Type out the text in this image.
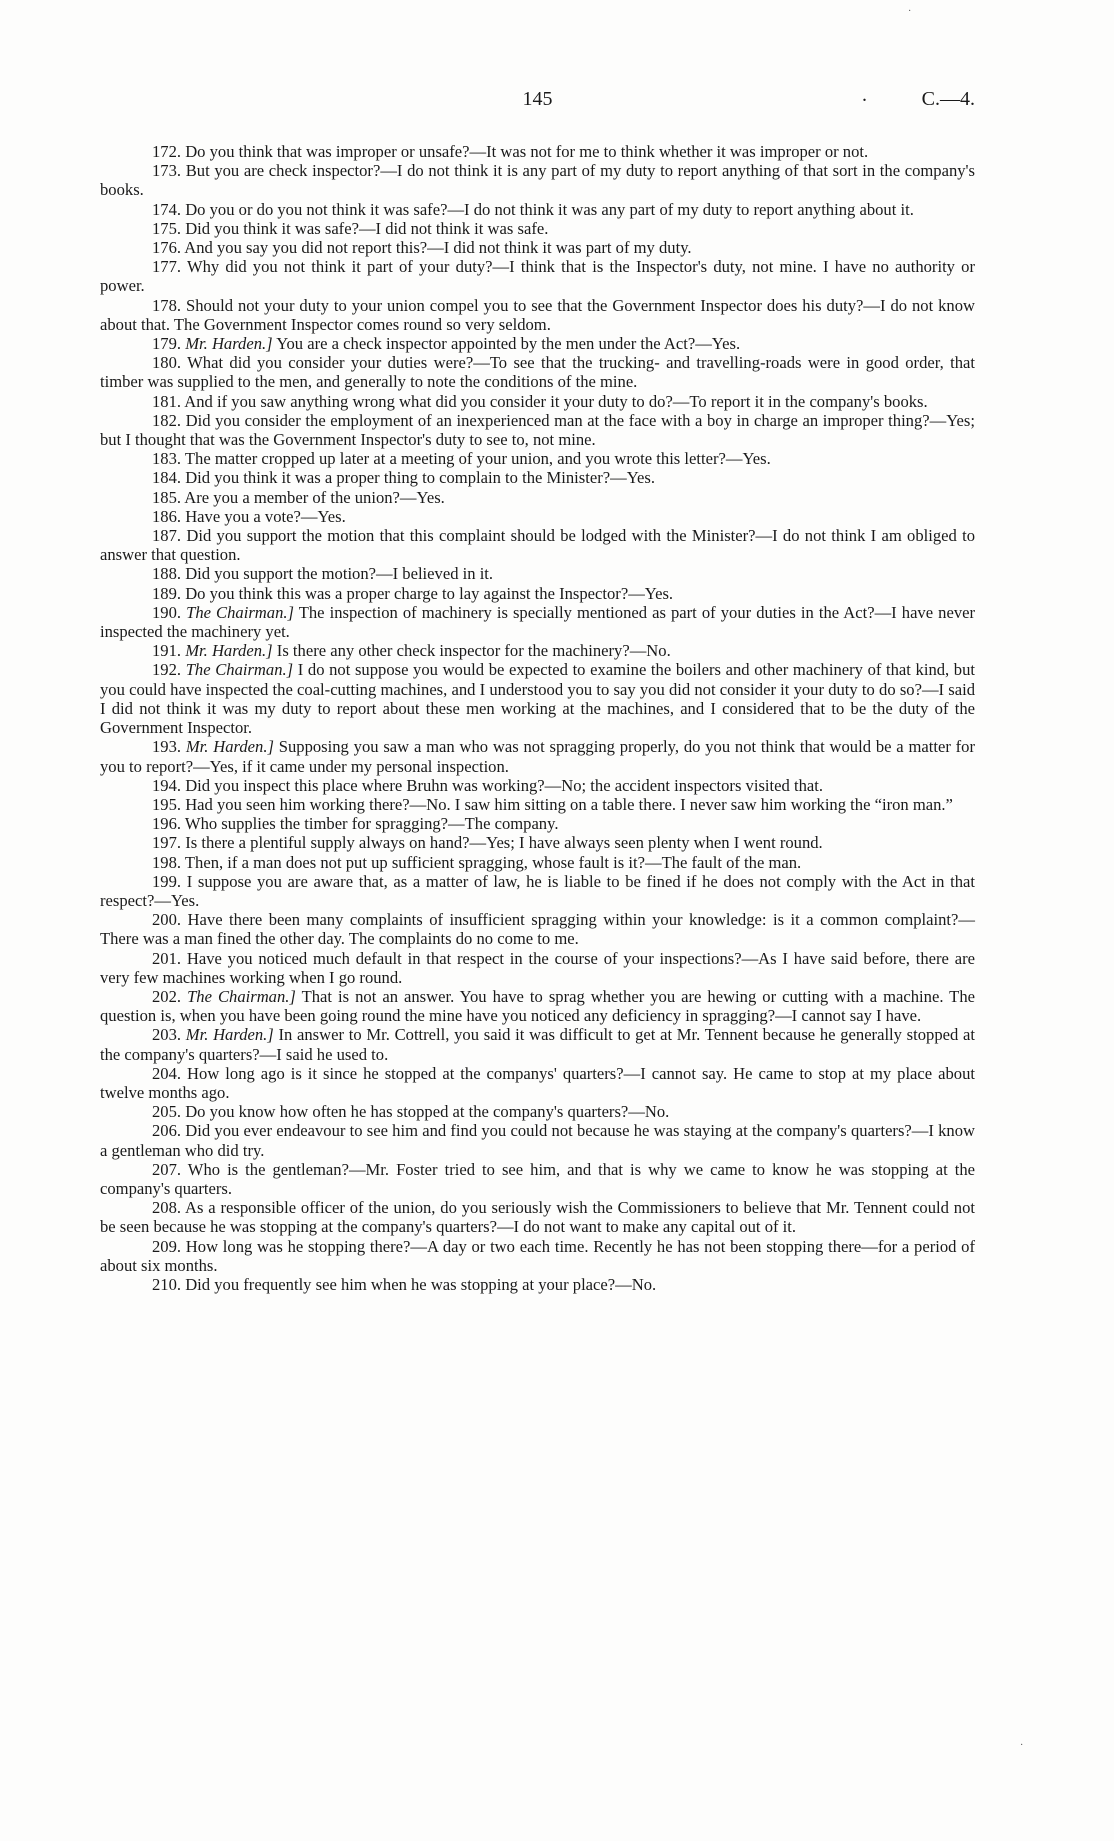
145	.	C.—4.

172. Do you think that was improper or unsafe?—It was not for me to think whether it was improper or not.

173. But you are check inspector?—I do not think it is any part of my duty to report anything of that sort in the company's books.

174. Do you or do you not think it was safe?—I do not think it was any part of my duty to report anything about it.

175. Did you think it was safe?—I did not think it was safe.

176. And you say you did not report this?—I did not think it was part of my duty.

177. Why did you not think it part of your duty?—I think that is the Inspector's duty, not mine. I have no authority or power.

178. Should not your duty to your union compel you to see that the Government Inspector does his duty?—I do not know about that. The Government Inspector comes round so very seldom.

179. Mr. Harden.] You are a check inspector appointed by the men under the Act?—Yes.

180. What did you consider your duties were?—To see that the trucking- and travelling-roads were in good order, that timber was supplied to the men, and generally to note the conditions of the mine.

181. And if you saw anything wrong what did you consider it your duty to do?—To report it in the company's books.

182. Did you consider the employment of an inexperienced man at the face with a boy in charge an improper thing?—Yes; but I thought that was the Government Inspector's duty to see to, not mine.

183. The matter cropped up later at a meeting of your union, and you wrote this letter?—Yes.

184. Did you think it was a proper thing to complain to the Minister?—Yes.

185. Are you a member of the union?—Yes.

186. Have you a vote?—Yes.

187. Did you support the motion that this complaint should be lodged with the Minister?—I do not think I am obliged to answer that question.

188. Did you support the motion?—I believed in it.

189. Do you think this was a proper charge to lay against the Inspector?—Yes.

190. The Chairman.] The inspection of machinery is specially mentioned as part of your duties in the Act?—I have never inspected the machinery yet.

191. Mr. Harden.] Is there any other check inspector for the machinery?—No.

192. The Chairman.] I do not suppose you would be expected to examine the boilers and other machinery of that kind, but you could have inspected the coal-cutting machines, and I understood you to say you did not consider it your duty to do so?—I said I did not think it was my duty to report about these men working at the machines, and I considered that to be the duty of the Government Inspector.

193. Mr. Harden.] Supposing you saw a man who was not spragging properly, do you not think that would be a matter for you to report?—Yes, if it came under my personal inspection.

194. Did you inspect this place where Bruhn was working?—No; the accident inspectors visited that.

195. Had you seen him working there?—No. I saw him sitting on a table there. I never saw him working the “iron man.”

196. Who supplies the timber for spragging?—The company.

197. Is there a plentiful supply always on hand?—Yes; I have always seen plenty when I went round.

198. Then, if a man does not put up sufficient spragging, whose fault is it?—The fault of the man.

199. I suppose you are aware that, as a matter of law, he is liable to be fined if he does not comply with the Act in that respect?—Yes.

200. Have there been many complaints of insufficient spragging within your knowledge: is it a common complaint?—There was a man fined the other day. The complaints do no come to me.

201. Have you noticed much default in that respect in the course of your inspections?—As I have said before, there are very few machines working when I go round.

202. The Chairman.] That is not an answer. You have to sprag whether you are hewing or cutting with a machine. The question is, when you have been going round the mine have you noticed any deficiency in spragging?—I cannot say I have.

203. Mr. Harden.] In answer to Mr. Cottrell, you said it was difficult to get at Mr. Tennent because he generally stopped at the company's quarters?—I said he used to.

204. How long ago is it since he stopped at the companys' quarters?—I cannot say. He came to stop at my place about twelve months ago.

205. Do you know how often he has stopped at the company's quarters?—No.

206. Did you ever endeavour to see him and find you could not because he was staying at the company's quarters?—I know a gentleman who did try.

207. Who is the gentleman?—Mr. Foster tried to see him, and that is why we came to know he was stopping at the company's quarters.

208. As a responsible officer of the union, do you seriously wish the Commissioners to believe that Mr. Tennent could not be seen because he was stopping at the company's quarters?—I do not want to make any capital out of it.

209. How long was he stopping there?—A day or two each time. Recently he has not been stopping there—for a period of about six months.

210. Did you frequently see him when he was stopping at your place?—No.

·
·
